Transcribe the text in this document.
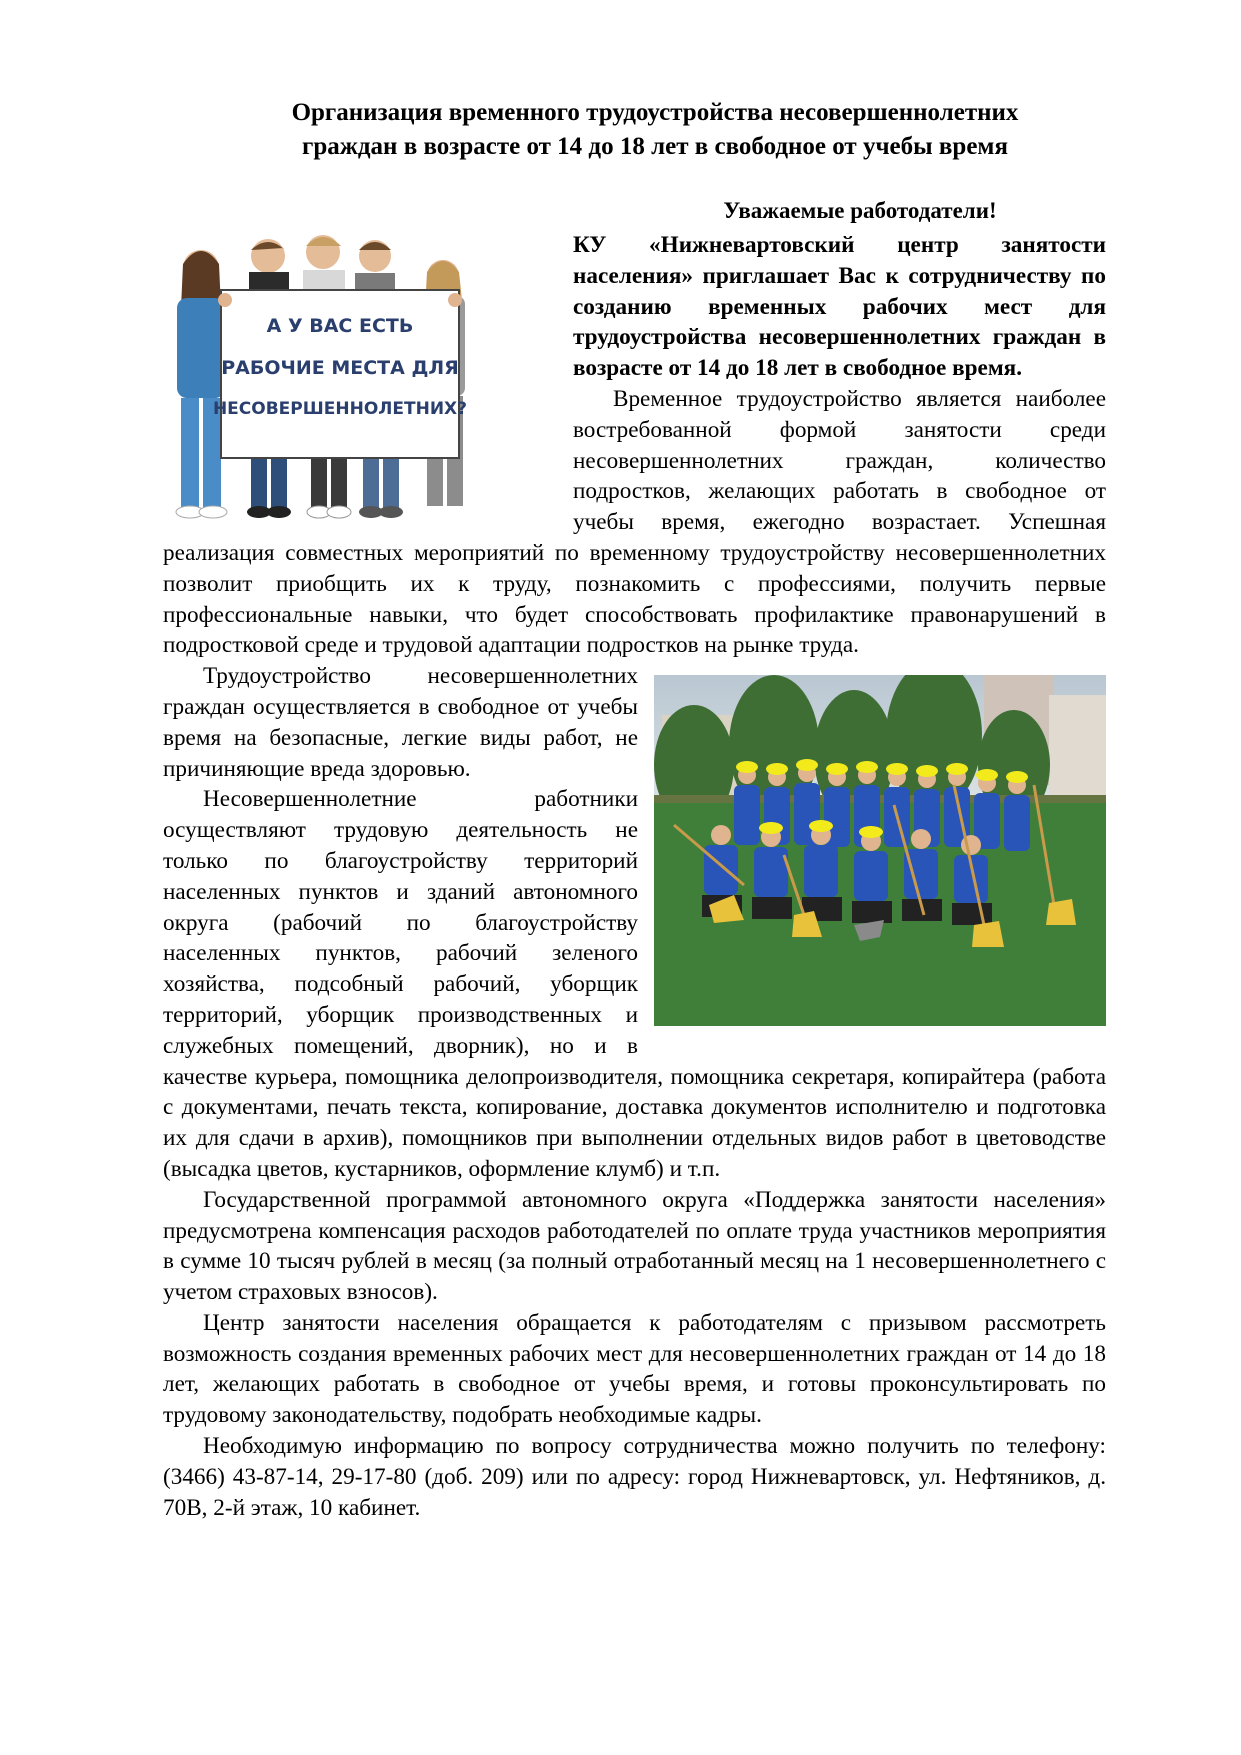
Организация временного трудоустройства несовершеннолетних
граждан в возрасте от 14 до 18 лет в свободное от учебы время

Уважаемые работодатели!

А У ВАС ЕСТЬ
РАБОЧИЕ МЕСТА ДЛЯ
НЕСОВЕРШЕННОЛЕТНИХ?

КУ «Нижневартовский центр занятости населения» приглашает Вас к сотрудничеству по созданию временных рабочих мест для трудоустройства несовершеннолетних граждан в возрасте от 14 до 18 лет в свободное время.

Временное трудоустройство является наиболее востребованной формой занятости среди несовершеннолетних граждан, количество подростков, желающих работать в свободное от учебы время, ежегодно возрастает. Успешная реализация совместных мероприятий по временному трудоустройству несовершеннолетних позволит приобщить их к труду, познакомить с профессиями, получить первые профессиональные навыки, что будет способствовать профилактике правонарушений в подростковой среде и трудовой адаптации подростков на рынке труда.

Трудоустройство несовершеннолетних граждан осуществляется в свободное от учебы время на безопасные, легкие виды работ, не причиняющие вреда здоровью.

Несовершеннолетние работники осуществляют трудовую деятельность не только по благоустройству территорий населенных пунктов и зданий автономного округа (рабочий по благоустройству населенных пунктов, рабочий зеленого хозяйства, подсобный рабочий, уборщик территорий, уборщик производственных и служебных помещений, дворник), но и в качестве курьера, помощника делопроизводителя, помощника секретаря, копирайтера (работа с документами, печать текста, копирование, доставка документов исполнителю и подготовка их для сдачи в архив), помощников при выполнении отдельных видов работ в цветоводстве (высадка цветов, кустарников, оформление клумб) и т.п.

Государственной программой автономного округа «Поддержка занятости населения» предусмотрена компенсация расходов работодателей по оплате труда участников мероприятия в сумме 10 тысяч рублей в месяц (за полный отработанный месяц на 1 несовершеннолетнего с учетом страховых взносов).

Центр занятости населения обращается к работодателям с призывом рассмотреть возможность создания временных рабочих мест для несовершеннолетних граждан от 14 до 18 лет, желающих работать в свободное от учебы время, и готовы проконсультировать по трудовому законодательству, подобрать необходимые кадры.

Необходимую информацию по вопросу сотрудничества можно получить по телефону: (3466) 43-87-14, 29-17-80 (доб. 209) или по адресу: город Нижневартовск, ул. Нефтяников, д. 70В, 2-й этаж, 10 кабинет.
